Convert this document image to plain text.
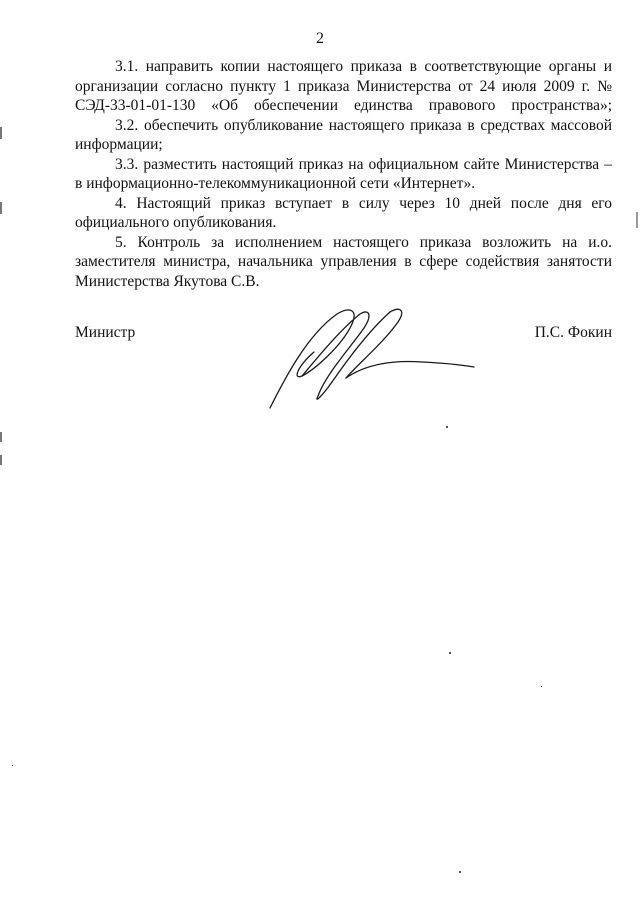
2

3.1. направить копии настоящего приказа в соответствующие органы и организации согласно пункту 1 приказа Министерства от 24 июля 2009 г. № СЭД-33-01-01-130 «Об обеспечении единства правового пространства»;

3.2. обеспечить опубликование настоящего приказа в средствах массовой информации;

3.3. разместить настоящий приказ на официальном сайте Министерства – в информационно-телекоммуникационной сети «Интернет».

4. Настоящий приказ вступает в силу через 10 дней после дня его официального опубликования.

5. Контроль за исполнением настоящего приказа возложить на и.о. заместителя министра, начальника управления в сфере содействия занятости Министерства Якутова С.В.

Министр	П.С. Фокин
